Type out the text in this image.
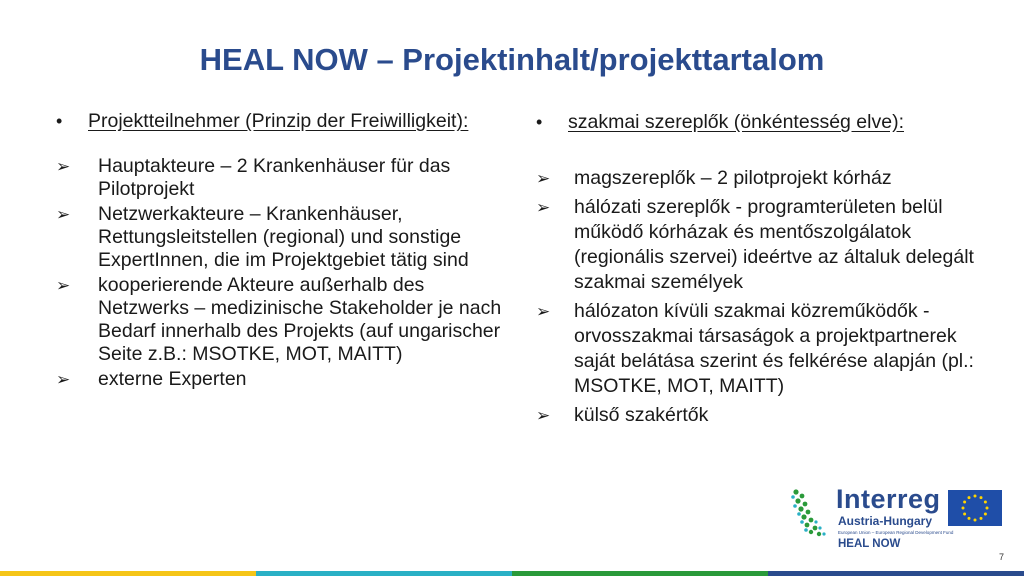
HEAL NOW – Projektinhalt/projekttartalom
•	Projektteilnehmer (Prinzip der Freiwilligkeit):
➢	Hauptakteure – 2 Krankenhäuser für das Pilotprojekt
➢	Netzwerkakteure – Krankenhäuser, Rettungsleitstellen (regional) und sonstige ExpertInnen, die im Projektgebiet tätig sind
➢	kooperierende Akteure außerhalb des Netzwerks – medizinische Stakeholder je nach Bedarf innerhalb des Projekts (auf ungarischer Seite z.B.: MSOTKE, MOT, MAITT)
➢	externe Experten
•	szakmai szereplők (önkéntesség elve):
➢	magszereplők – 2 pilotprojekt kórház
➢	hálózati szereplők - programterületen belül működő kórházak és mentőszolgálatok (regionális szervei) ideértve az általuk delegált szakmai személyek
➢	hálózaton kívüli szakmai közreműködők - orvosszakmai társaságok a projektpartnerek saját belátása szerint és felkérése alapján (pl.: MSOTKE, MOT, MAITT)
➢	külső szakértők
Interreg
Austria-Hungary
European Union – European Regional Development Fund
HEAL NOW
7
